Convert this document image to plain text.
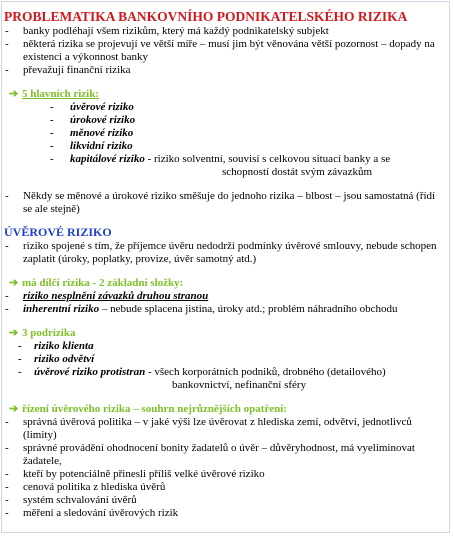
PROBLEMATIKA BANKOVNÍHO PODNIKATELSKÉHO RIZIKA
- banky podléhají všem rizikům, který má každý podnikatelský subjekt
- některá rizika se projevují ve větší míře – musí jim být věnována větší pozornost – dopady na existenci a výkonnost banky
- převažují finanční rizika
➔ 5 hlavních rizik:
- úvěrové riziko
- úrokové riziko
- měnové riziko
- likvidní riziko
- kapitálové riziko - riziko solventní, souvisí s celkovou situací banky a se
schopností dostát svým závazkům
- Někdy se měnové a úrokové riziko směšuje do jednoho rizika – blbost – jsou samostatná (řídí se ale stejně)
ÚVĚROVÉ RIZIKO
- riziko spojené s tím, že příjemce úvěru nedodrží podmínky úvěrové smlouvy, nebude schopen zaplatit (úroky, poplatky, provize, úvěr samotný atd.)
➔ má dílčí rizika - 2 základní složky:
- riziko nesplnění závazků druhou stranou
- inherentní riziko – nebude splacena jistina, úroky atd.; problém náhradního obchodu
➔ 3 podrizika
- riziko klienta
- riziko odvětví
- úvěrové riziko protistran - všech korporátních podniků, drobného (detailového)
bankovnictví, nefinanční sféry
➔ řízení úvěrového rizika – souhrn nejrůznějších opatření:
- správná úvěrová politika – v jaké výši lze úvěrovat z hlediska zemí, odvětví, jednotlivců (limity)
- správné provádění ohodnocení bonity žadatelů o úvěr – důvěryhodnost, má vyeliminovat žadatele,
- kteří by potenciálně přinesli příliš velké úvěrové riziko
- cenová politika z hlediska úvěrů
- systém schvalování úvěrů
- měření a sledování úvěrových rizik
